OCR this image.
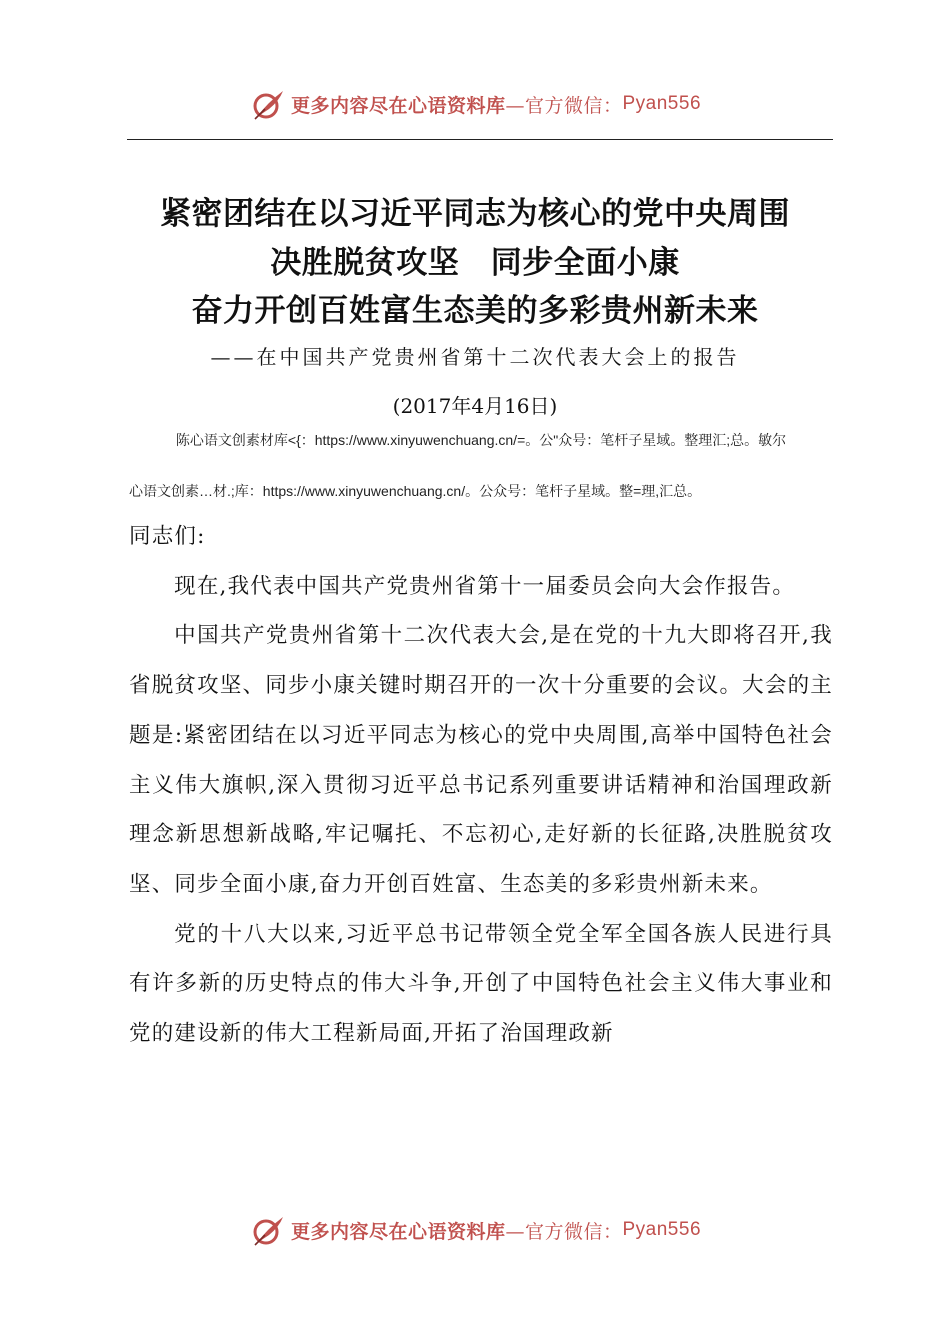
更多内容尽在心语资料库 —官方微信： Pyan556
紧密团结在以习近平同志为核心的党中央周围
决胜脱贫攻坚　同步全面小康
奋力开创百姓富生态美的多彩贵州新未来
——在中国共产党贵州省第十二次代表大会上的报告
(2017年4月16日)
陈心语文创素材库<{：https://www.xinyuwenchuang.cn/=。公"众号：笔杆子星域。整理汇;总。敏尔
心语文创素…材.;库：https://www.xinyuwenchuang.cn/。公众号：笔杆子星域。整=理,汇总。

同志们:

现在,我代表中国共产党贵州省第十一届委员会向大会作报告。

中国共产党贵州省第十二次代表大会,是在党的十九大即将召开,我省脱贫攻坚、同步小康关键时期召开的一次十分重要的会议。大会的主题是:紧密团结在以习近平同志为核心的党中央周围,高举中国特色社会主义伟大旗帜,深入贯彻习近平总书记系列重要讲话精神和治国理政新理念新思想新战略,牢记嘱托、不忘初心,走好新的长征路,决胜脱贫攻坚、同步全面小康,奋力开创百姓富、生态美的多彩贵州新未来。

党的十八大以来,习近平总书记带领全党全军全国各族人民进行具有许多新的历史特点的伟大斗争,开创了中国特色社会主义伟大事业和党的建设新的伟大工程新局面,开拓了治国理政新

更多内容尽在心语资料库 —官方微信： Pyan556
